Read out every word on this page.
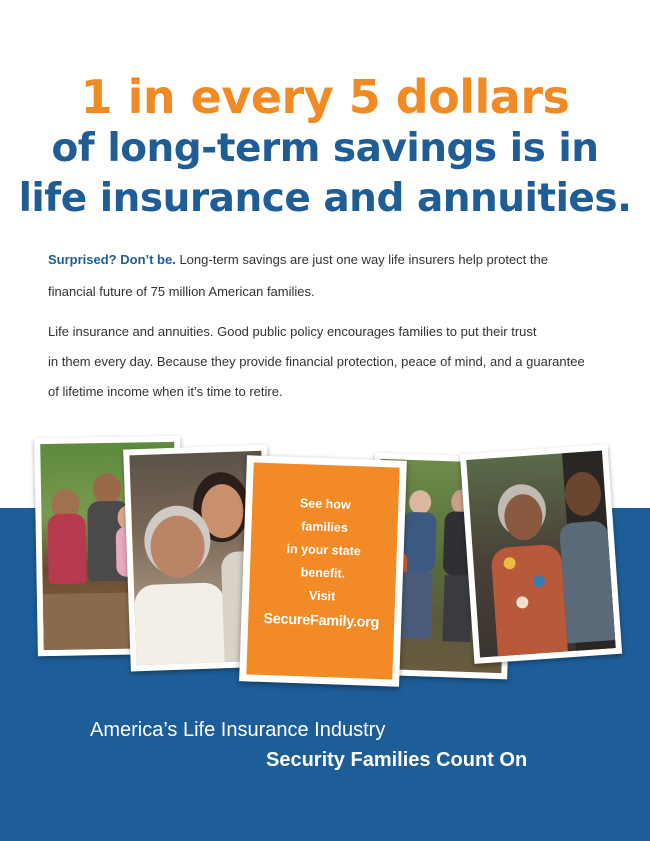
1 in every 5 dollars
of long-term savings is in
life insurance and annuities.
Surprised? Don’t be. Long-term savings are just one way life insurers help protect the
financial future of 75 million American families.
Life insurance and annuities. Good public policy encourages families to put their trust
in them every day. Because they provide financial protection, peace of mind, and a guarantee
of lifetime income when it’s time to retire.
See how
families
in your state
benefit.
Visit
SecureFamily.org
America’s Life Insurance Industry
Security Families Count On
